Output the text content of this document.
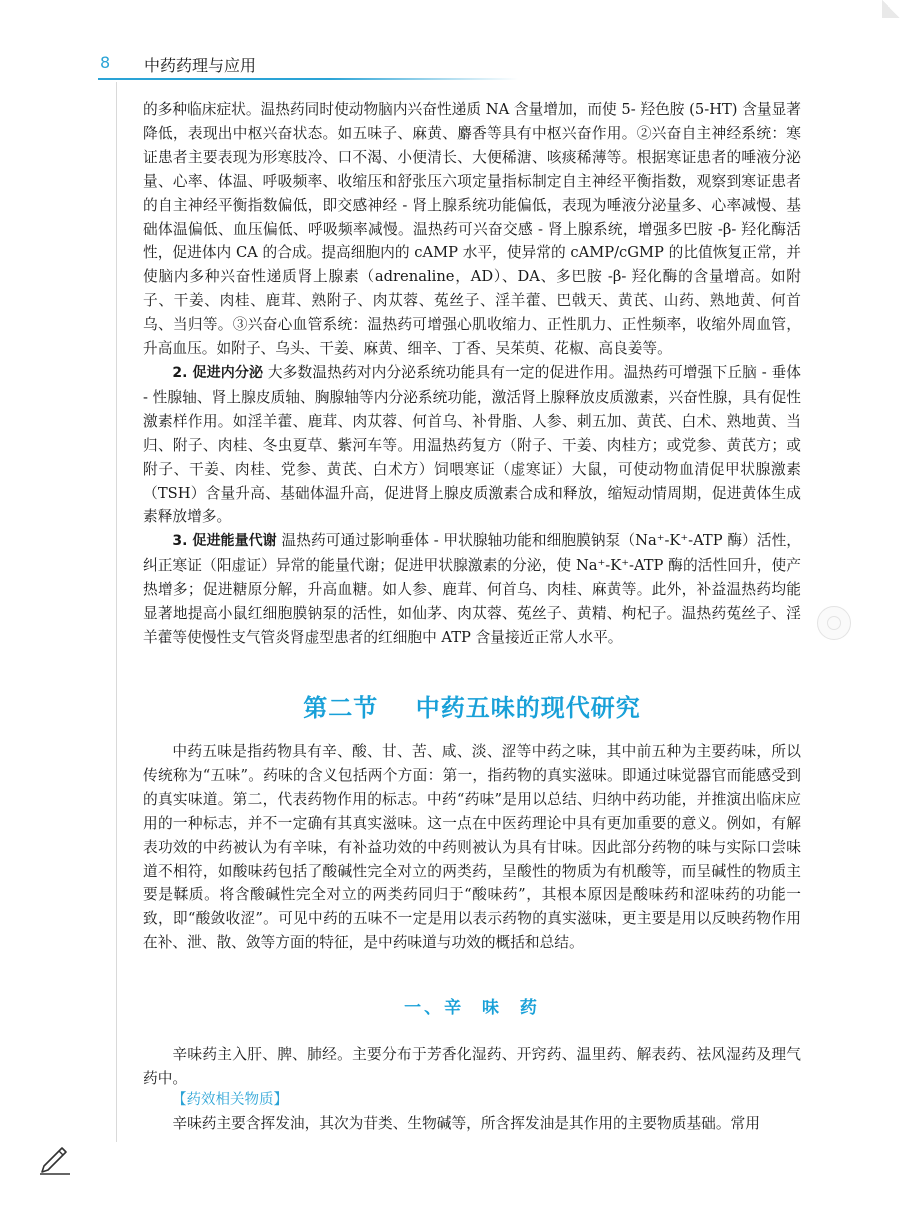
8 中药药理与应用

的多种临床症状。温热药同时使动物脑内兴奋性递质 NA 含量增加，而使 5- 羟色胺 (5-HT) 含量显著降低，表现出中枢兴奋状态。如五味子、麻黄、麝香等具有中枢兴奋作用。②兴奋自主神经系统：寒证患者主要表现为形寒肢冷、口不渴、小便清长、大便稀溏、咳痰稀薄等。根据寒证患者的唾液分泌量、心率、体温、呼吸频率、收缩压和舒张压六项定量指标制定自主神经平衡指数，观察到寒证患者的自主神经平衡指数偏低，即交感神经 - 肾上腺系统功能偏低，表现为唾液分泌量多、心率减慢、基础体温偏低、血压偏低、呼吸频率减慢。温热药可兴奋交感 - 肾上腺系统，增强多巴胺 -β- 羟化酶活性，促进体内 CA 的合成。提高细胞内的 cAMP 水平，使异常的 cAMP/cGMP 的比值恢复正常，并使脑内多种兴奋性递质肾上腺素（adrenaline，AD）、DA、多巴胺 -β- 羟化酶的含量增高。如附子、干姜、肉桂、鹿茸、熟附子、肉苁蓉、菟丝子、淫羊藿、巴戟天、黄芪、山药、熟地黄、何首乌、当归等。③兴奋心血管系统：温热药可增强心肌收缩力、正性肌力、正性频率，收缩外周血管，升高血压。如附子、乌头、干姜、麻黄、细辛、丁香、吴茱萸、花椒、高良姜等。

2. 促进内分泌 大多数温热药对内分泌系统功能具有一定的促进作用。温热药可增强下丘脑 - 垂体 - 性腺轴、肾上腺皮质轴、胸腺轴等内分泌系统功能，激活肾上腺释放皮质激素，兴奋性腺，具有促性激素样作用。如淫羊藿、鹿茸、肉苁蓉、何首乌、补骨脂、人参、刺五加、黄芪、白术、熟地黄、当归、附子、肉桂、冬虫夏草、紫河车等。用温热药复方（附子、干姜、肉桂方；或党参、黄芪方；或附子、干姜、肉桂、党参、黄芪、白术方）饲喂寒证（虚寒证）大鼠，可使动物血清促甲状腺激素（TSH）含量升高、基础体温升高，促进肾上腺皮质激素合成和释放，缩短动情周期，促进黄体生成素释放增多。

3. 促进能量代谢 温热药可通过影响垂体 - 甲状腺轴功能和细胞膜钠泵（Na⁺-K⁺-ATP 酶）活性，纠正寒证（阳虚证）异常的能量代谢；促进甲状腺激素的分泌，使 Na⁺-K⁺-ATP 酶的活性回升，使产热增多；促进糖原分解，升高血糖。如人参、鹿茸、何首乌、肉桂、麻黄等。此外，补益温热药均能显著地提高小鼠红细胞膜钠泵的活性，如仙茅、肉苁蓉、菟丝子、黄精、枸杞子。温热药菟丝子、淫羊藿等使慢性支气管炎肾虚型患者的红细胞中 ATP 含量接近正常人水平。

第二节    中药五味的现代研究

中药五味是指药物具有辛、酸、甘、苦、咸、淡、涩等中药之味，其中前五种为主要药味，所以传统称为“五味”。药味的含义包括两个方面：第一，指药物的真实滋味。即通过味觉器官而能感受到的真实味道。第二，代表药物作用的标志。中药“药味”是用以总结、归纳中药功能，并推演出临床应用的一种标志，并不一定确有其真实滋味。这一点在中医药理论中具有更加重要的意义。例如，有解表功效的中药被认为有辛味，有补益功效的中药则被认为具有甘味。因此部分药物的味与实际口尝味道不相符，如酸味药包括了酸碱性完全对立的两类药，呈酸性的物质为有机酸等，而呈碱性的物质主要是鞣质。将含酸碱性完全对立的两类药同归于“酸味药”，其根本原因是酸味药和涩味药的功能一致，即“酸敛收涩”。可见中药的五味不一定是用以表示药物的真实滋味，更主要是用以反映药物作用在补、泄、散、敛等方面的特征，是中药味道与功效的概括和总结。

一、辛  味  药

辛味药主入肝、脾、肺经。主要分布于芳香化湿药、开窍药、温里药、解表药、祛风湿药及理气药中。

【药效相关物质】

辛味药主要含挥发油，其次为苷类、生物碱等，所含挥发油是其作用的主要物质基础。常用
